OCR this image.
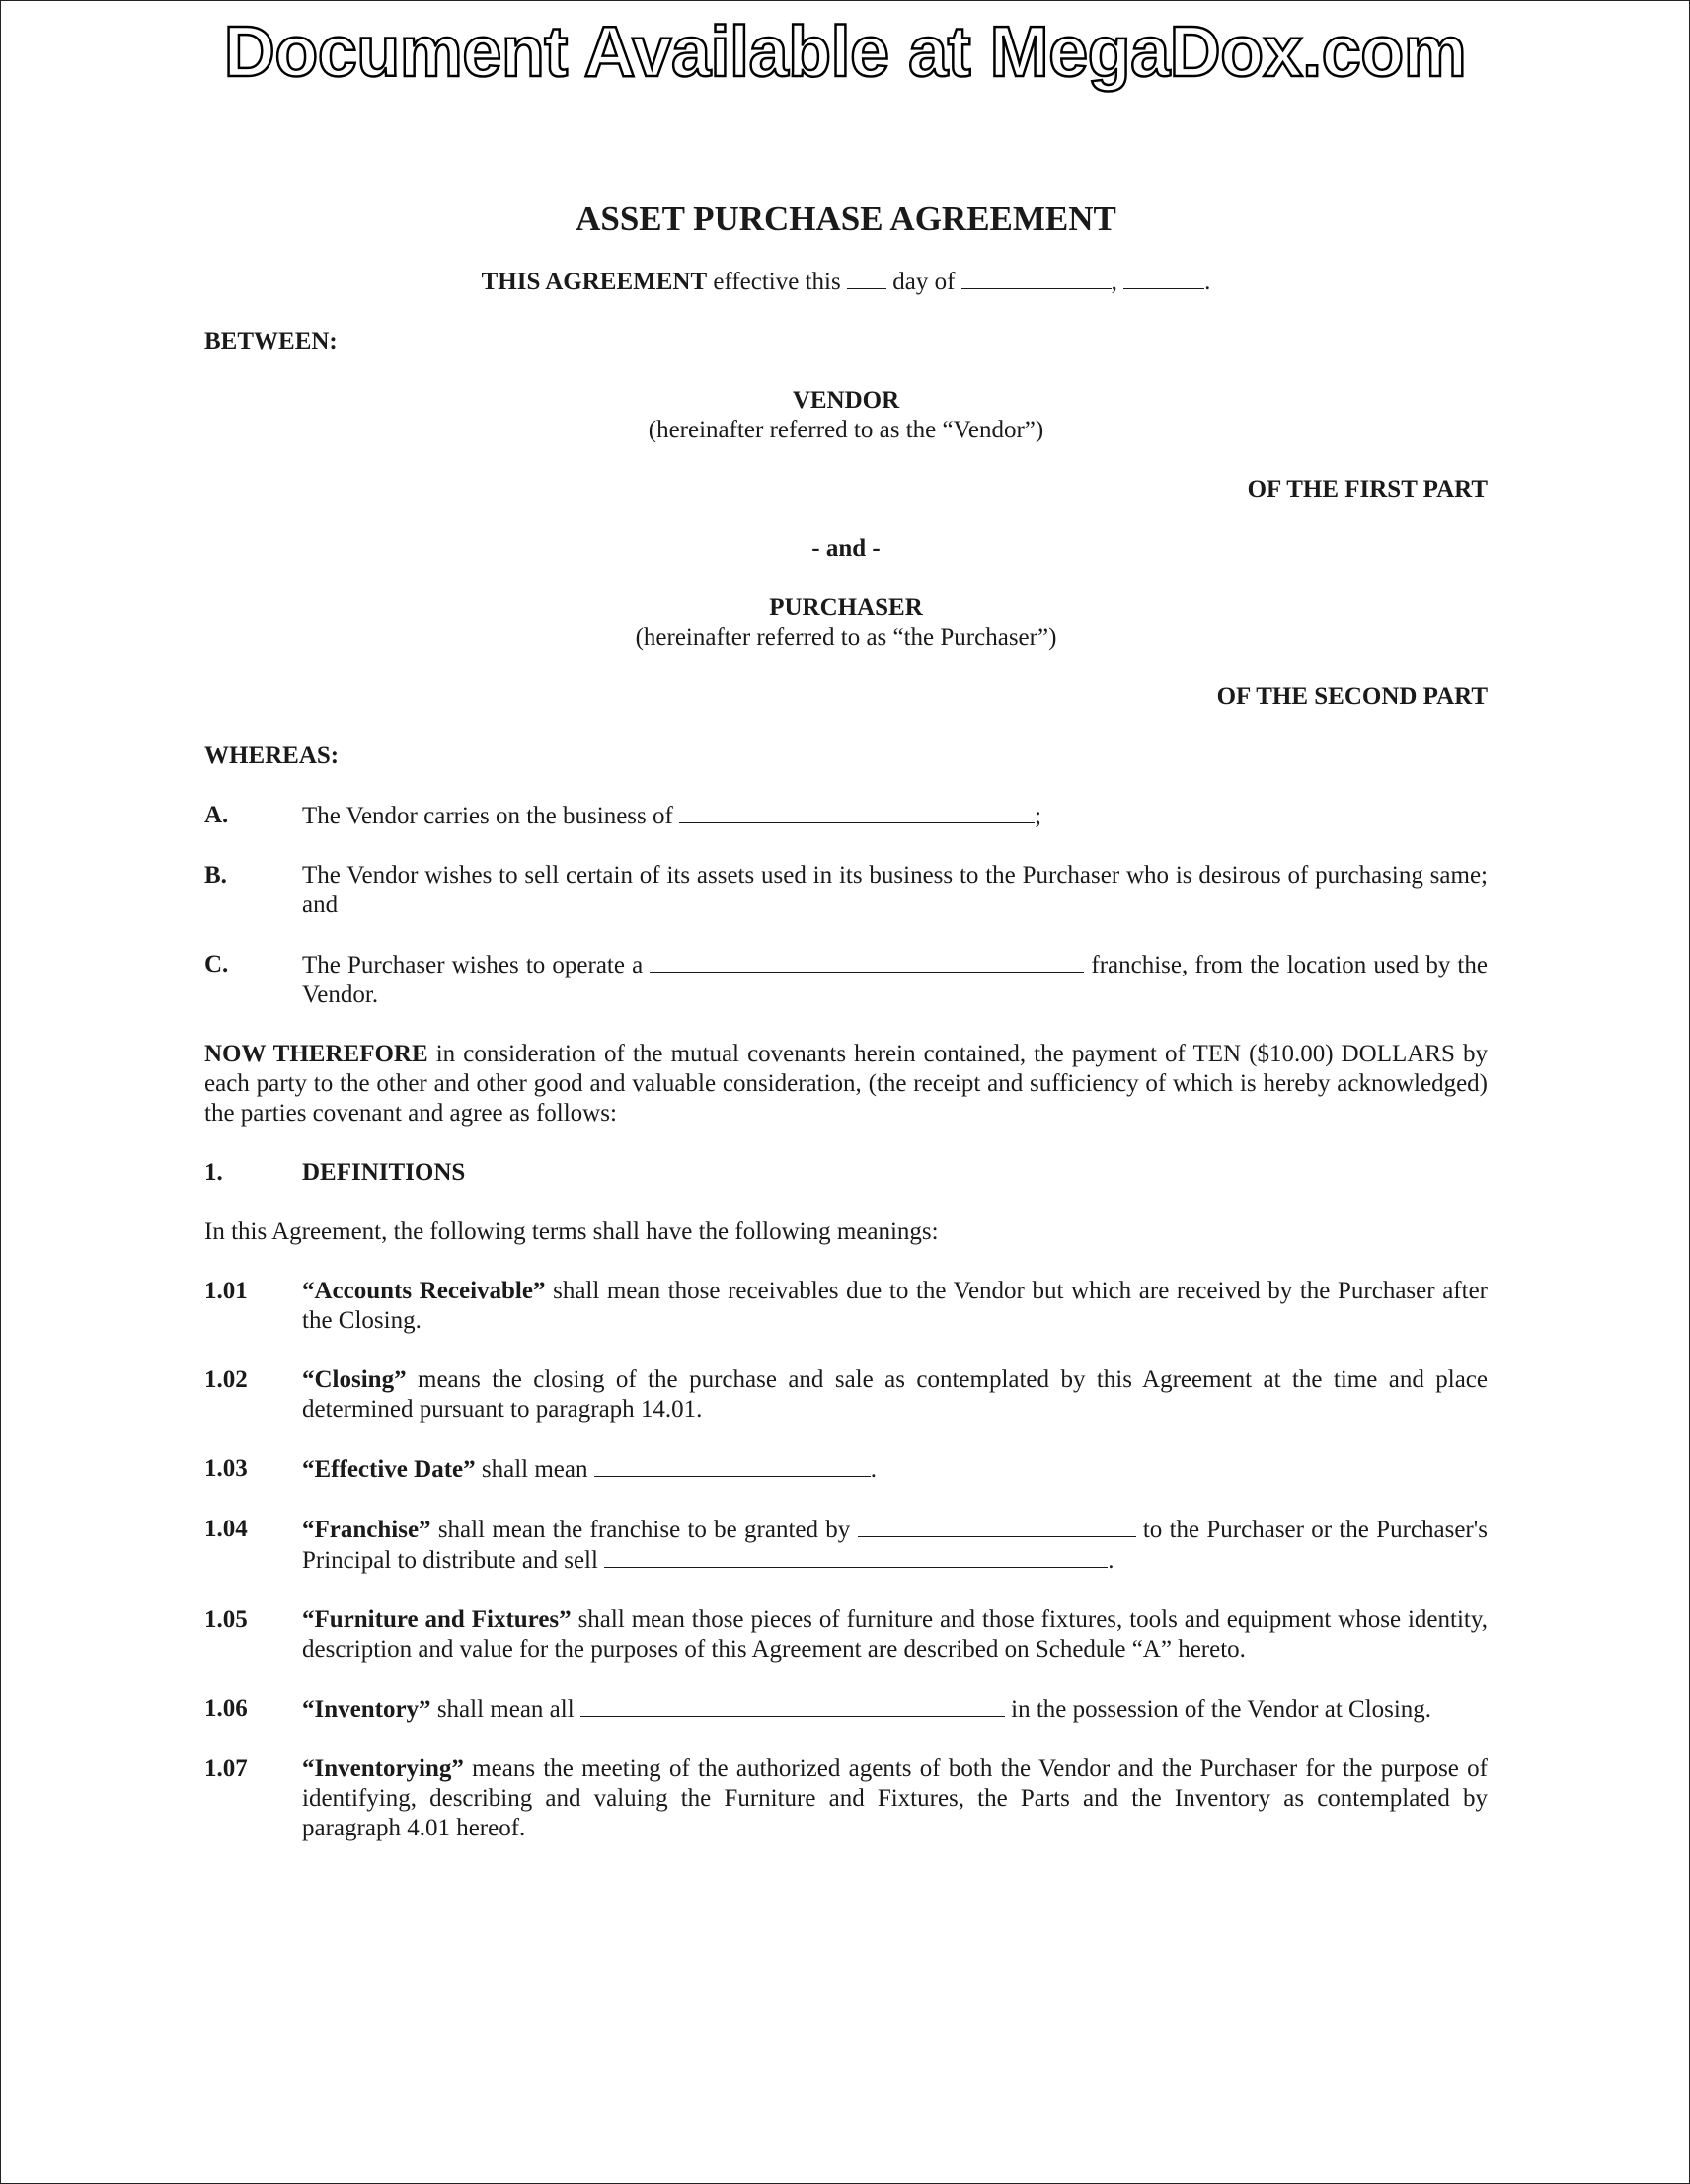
Document Available at MegaDox.com
ASSET PURCHASE AGREEMENT
THIS AGREEMENT effective this  day of	,	.
BETWEEN:
VENDOR
(hereinafter referred to as the “Vendor”)
OF THE FIRST PART
- and -
PURCHASER
(hereinafter referred to as “the Purchaser”)
OF THE SECOND PART
WHEREAS:
A.	The Vendor carries on the business of	;
B.	The Vendor wishes to sell certain of its assets used in its business to the Purchaser who is desirous of purchasing same; and
C.	The Purchaser wishes to operate a	franchise, from the location used by the Vendor.
NOW THEREFORE in consideration of the mutual covenants herein contained, the payment of TEN ($10.00) DOLLARS by each party to the other and other good and valuable consideration, (the receipt and sufficiency of which is hereby acknowledged) the parties covenant and agree as follows:
1.	DEFINITIONS
In this Agreement, the following terms shall have the following meanings:
1.01 “Accounts Receivable” shall mean those receivables due to the Vendor but which are received by the Purchaser after the Closing.
1.02 “Closing” means the closing of the purchase and sale as contemplated by this Agreement at the time and place determined pursuant to paragraph 14.01.
1.03 “Effective Date” shall mean	.
1.04 “Franchise” shall mean the franchise to be granted by	to the Purchaser or the Purchaser's Principal to distribute and sell	.
1.05 “Furniture and Fixtures” shall mean those pieces of furniture and those fixtures, tools and equipment whose identity, description and value for the purposes of this Agreement are described on Schedule “A” hereto.
1.06 “Inventory” shall mean all	in the possession of the Vendor at Closing.
1.07 “Inventorying” means the meeting of the authorized agents of both the Vendor and the Purchaser for the purpose of identifying, describing and valuing the Furniture and Fixtures, the Parts and the Inventory as contemplated by paragraph 4.01 hereof.
